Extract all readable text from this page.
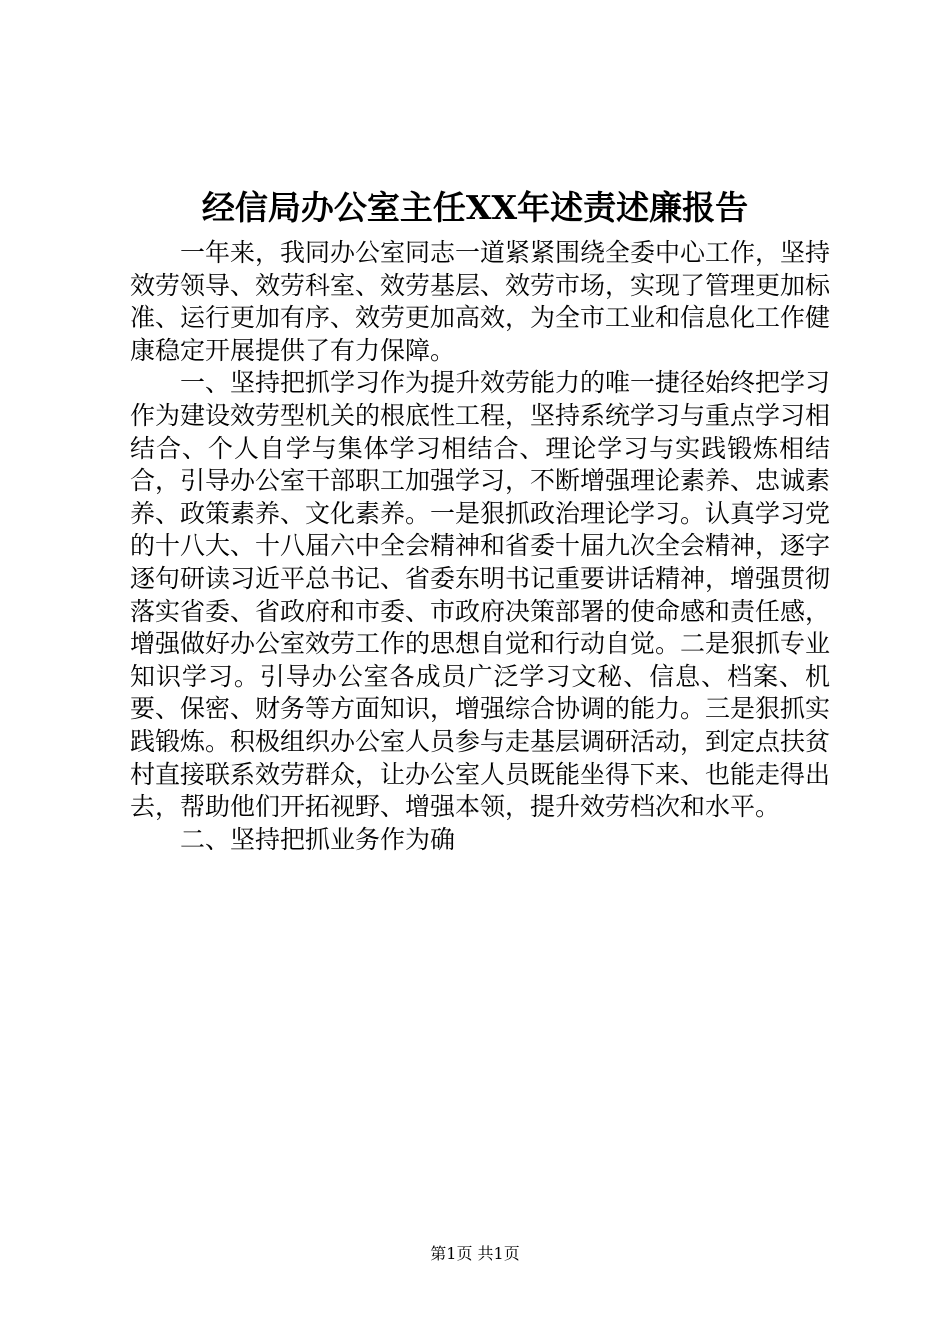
经信局办公室主任XX年述责述廉报告

一年来，我同办公室同志一道紧紧围绕全委中心工作，坚持效劳领导、效劳科室、效劳基层、效劳市场，实现了管理更加标准、运行更加有序、效劳更加高效，为全市工业和信息化工作健康稳定开展提供了有力保障。

一、坚持把抓学习作为提升效劳能力的唯一捷径始终把学习作为建设效劳型机关的根底性工程，坚持系统学习与重点学习相结合、个人自学与集体学习相结合、理论学习与实践锻炼相结合，引导办公室干部职工加强学习，不断增强理论素养、忠诚素养、政策素养、文化素养。一是狠抓政治理论学习。认真学习党的十八大、十八届六中全会精神和省委十届九次全会精神，逐字逐句研读习近平总书记、省委东明书记重要讲话精神，增强贯彻落实省委、省政府和市委、市政府决策部署的使命感和责任感，增强做好办公室效劳工作的思想自觉和行动自觉。二是狠抓专业知识学习。引导办公室各成员广泛学习文秘、信息、档案、机要、保密、财务等方面知识，增强综合协调的能力。三是狠抓实践锻炼。积极组织办公室人员参与走基层调研活动，到定点扶贫村直接联系效劳群众，让办公室人员既能坐得下来、也能走得出去，帮助他们开拓视野、增强本领，提升效劳档次和水平。

二、坚持把抓业务作为确

第1页 共1页
